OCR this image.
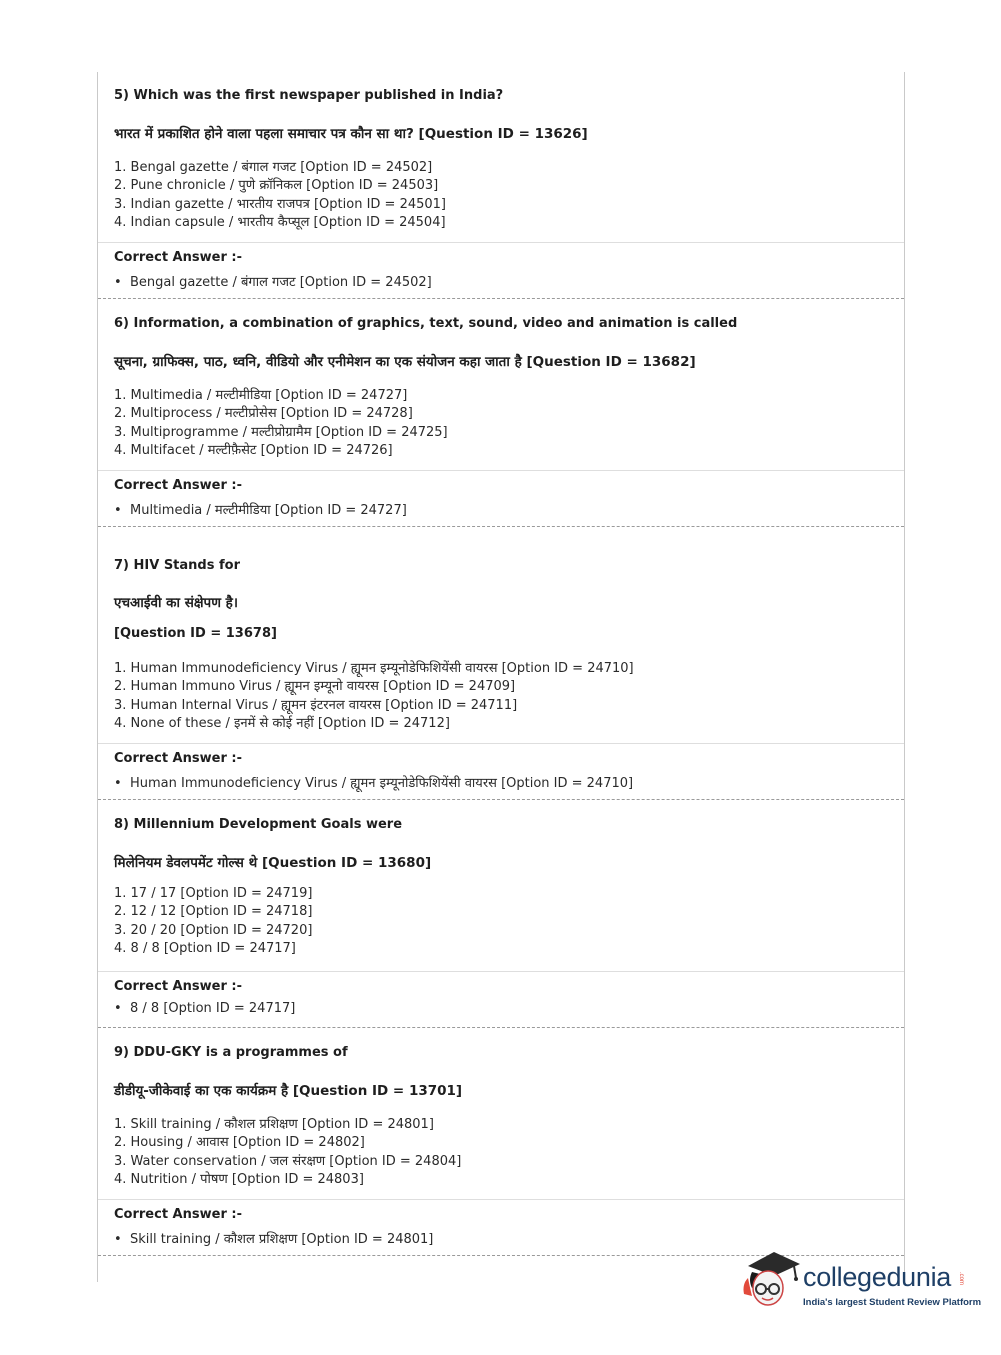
5) Which was the first newspaper published in India?
भारत में प्रकाशित होने वाला पहला समाचार पत्र कौन सा था? [Question ID = 13626]
1. Bengal gazette / बंगाल गजट [Option ID = 24502]
2. Pune chronicle / पुणे क्रॉनिकल [Option ID = 24503]
3. Indian gazette / भारतीय राजपत्र [Option ID = 24501]
4. Indian capsule / भारतीय कैप्सूल [Option ID = 24504]
Correct Answer :-
• Bengal gazette / बंगाल गजट [Option ID = 24502]
6) Information, a combination of graphics, text, sound, video and animation is called
सूचना, ग्राफिक्स, पाठ, ध्वनि, वीडियो और एनीमेशन का एक संयोजन कहा जाता है [Question ID = 13682]
1. Multimedia / मल्टीमीडिया [Option ID = 24727]
2. Multiprocess / मल्टीप्रोसेस [Option ID = 24728]
3. Multiprogramme / मल्टीप्रोग्रामैम [Option ID = 24725]
4. Multifacet / मल्टीफ़ैसेट [Option ID = 24726]
Correct Answer :-
• Multimedia / मल्टीमीडिया [Option ID = 24727]
7) HIV Stands for
एचआईवी का संक्षेपण है।
[Question ID = 13678]
1. Human Immunodeficiency Virus / ह्यूमन इम्यूनोडेफिशियेंसी वायरस [Option ID = 24710]
2. Human Immuno Virus / ह्यूमन इम्यूनो वायरस [Option ID = 24709]
3. Human Internal Virus / ह्यूमन इंटरनल वायरस [Option ID = 24711]
4. None of these / इनमें से कोई नहीं [Option ID = 24712]
Correct Answer :-
• Human Immunodeficiency Virus / ह्यूमन इम्यूनोडेफिशियेंसी वायरस [Option ID = 24710]
8) Millennium Development Goals were
मिलेनियम डेवलपमेंट गोल्स थे [Question ID = 13680]
1. 17 / 17 [Option ID = 24719]
2. 12 / 12 [Option ID = 24718]
3. 20 / 20 [Option ID = 24720]
4. 8 / 8 [Option ID = 24717]
Correct Answer :-
• 8 / 8 [Option ID = 24717]
9) DDU-GKY is a programmes of
डीडीयू-जीकेवाई का एक कार्यक्रम है [Question ID = 13701]
1. Skill training / कौशल प्रशिक्षण [Option ID = 24801]
2. Housing / आवास [Option ID = 24802]
3. Water conservation / जल संरक्षण [Option ID = 24804]
4. Nutrition / पोषण [Option ID = 24803]
Correct Answer :-
• Skill training / कौशल प्रशिक्षण [Option ID = 24801]
collegedunia .com
India's largest Student Review Platform
